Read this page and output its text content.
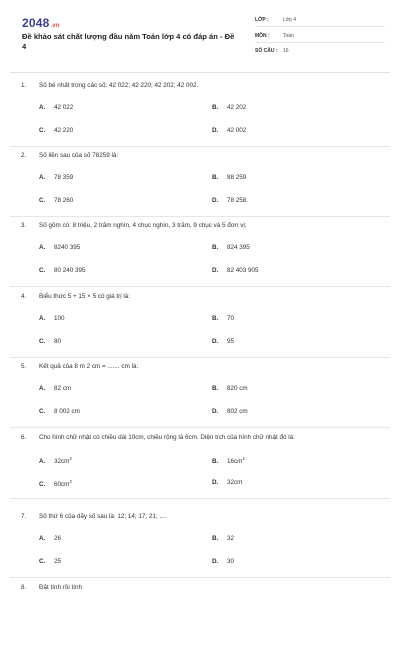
2048.vn
Đề khảo sát chất lượng đầu năm Toán lớp 4 có đáp án - Đề 4
LỚP :	Lớp 4
MÔN :	Toán
SỐ CÂU : 16
1. Số bé nhất trong các số: 42 022; 42 220; 42 202; 42 002.
A. 42 022	B. 42 202
C. 42 220	D. 42 002
2. Số liền sau của số 78259 là:
A. 78 359	B. 88 259
C. 78 260	D. 78 258.
3. Số gồm có: 8 triệu, 2 trăm nghìn, 4 chục nghìn, 3 trăm, 9 chục và 5 đơn vị:
A. 8240 395	B. 824 395
C. 80 240 395	D. 82 403 905
4. Biểu thức 5 + 15 × 5 có giá trị là:
A. 100	B. 70
C. 80	D. 95
5. Kết quả của 8 m 2 cm = ....... cm là:
A. 82 cm	B. 820 cm
C. 8 002 cm	D. 802 cm
6. Cho hình chữ nhật có chiều dài 10cm, chiều rộng là 6cm. Diện tích của hình chữ nhật đó là:
A. $32cm^2$	B. $16cm^2$
C. $60cm^2$	D. 32cm
7. Số thứ 6 của dãy số sau là: 12; 14; 17; 21; ....
A. 26	B. 32
C. 25	D. 30
8. Đặt tính rồi tính
